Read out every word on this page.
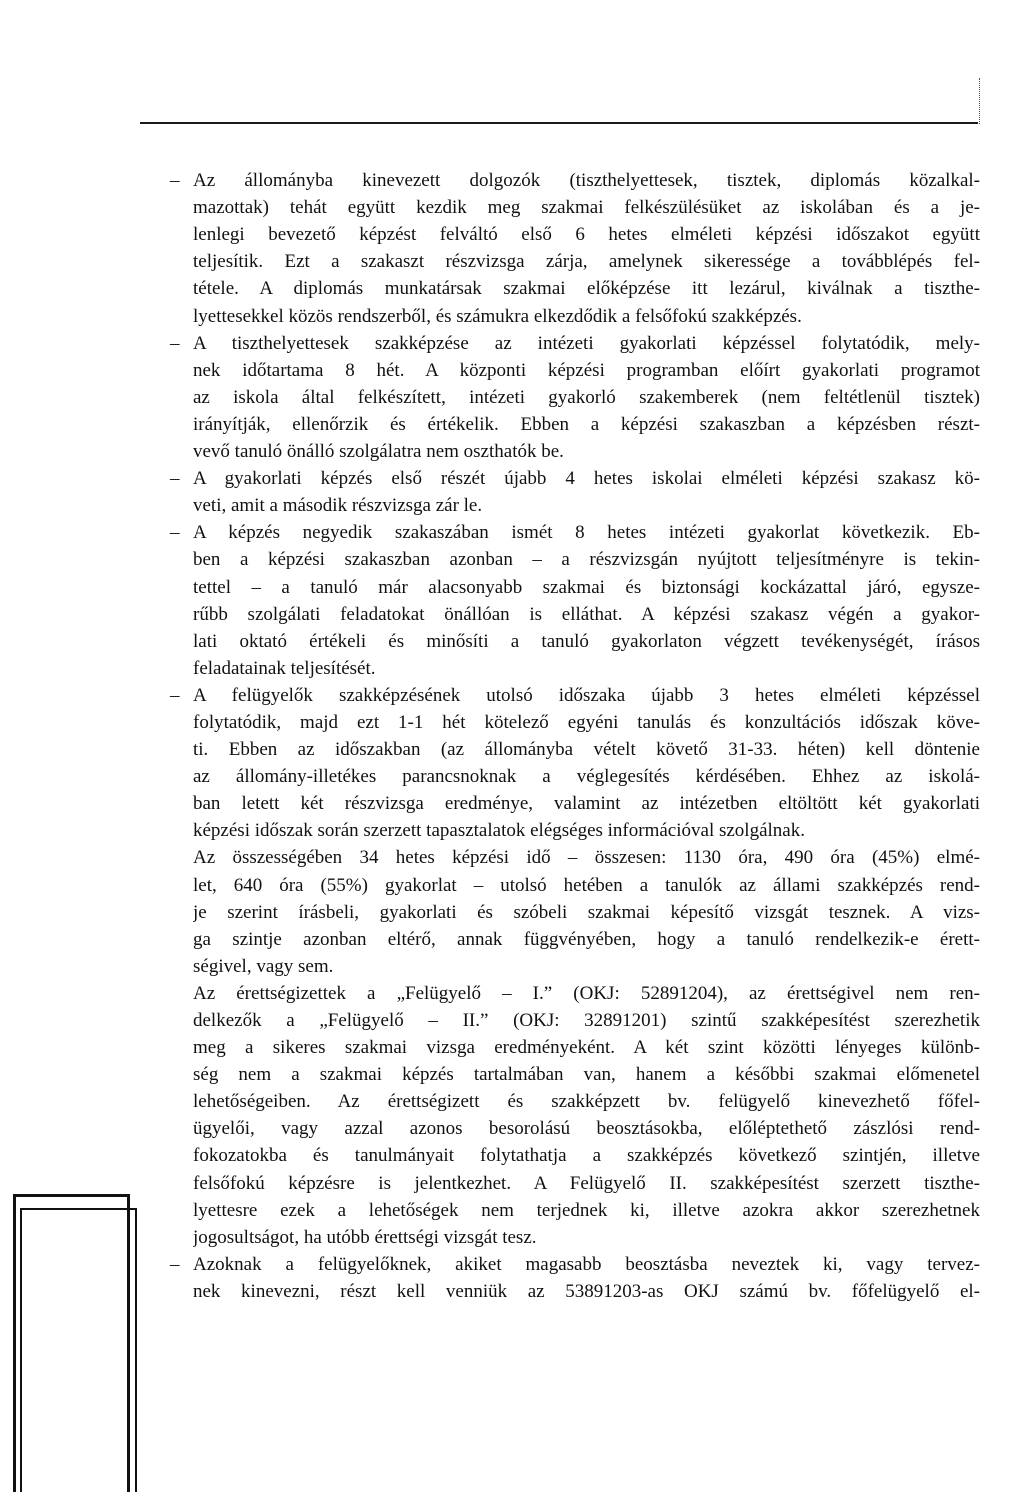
– Az állományba kinevezett dolgozók (tiszthelyettesek, tisztek, diplomás közalkal-
mazottak) tehát együtt kezdik meg szakmai felkészülésüket az iskolában és a je-
lenlegi bevezető képzést felváltó első 6 hetes elméleti képzési időszakot együtt
teljesítik. Ezt a szakaszt részvizsga zárja, amelynek sikeressége a továbblépés fel-
tétele. A diplomás munkatársak szakmai előképzése itt lezárul, kiválnak a tiszthe-
lyettesekkel közös rendszerből, és számukra elkezdődik a felsőfokú szakképzés.
– A tiszthelyettesek szakképzése az intézeti gyakorlati képzéssel folytatódik, mely-
nek időtartama 8 hét. A központi képzési programban előírt gyakorlati programot
az iskola által felkészített, intézeti gyakorló szakemberek (nem feltétlenül tisztek)
irányítják, ellenőrzik és értékelik. Ebben a képzési szakaszban a képzésben részt-
vevő tanuló önálló szolgálatra nem oszthatók be.
– A gyakorlati képzés első részét újabb 4 hetes iskolai elméleti képzési szakasz kö-
veti, amit a második részvizsga zár le.
– A képzés negyedik szakaszában ismét 8 hetes intézeti gyakorlat következik. Eb-
ben a képzési szakaszban azonban – a részvizsgán nyújtott teljesítményre is tekin-
tettel – a tanuló már alacsonyabb szakmai és biztonsági kockázattal járó, egysze-
rűbb szolgálati feladatokat önállóan is elláthat. A képzési szakasz végén a gyakor-
lati oktató értékeli és minősíti a tanuló gyakorlaton végzett tevékenységét, írásos
feladatainak teljesítését.
– A felügyelők szakképzésének utolsó időszaka újabb 3 hetes elméleti képzéssel
folytatódik, majd ezt 1-1 hét kötelező egyéni tanulás és konzultációs időszak köve-
ti. Ebben az időszakban (az állományba vételt követő 31-33. héten) kell döntenie
az állomány-illetékes parancsnoknak a véglegesítés kérdésében. Ehhez az iskolá-
ban letett két részvizsga eredménye, valamint az intézetben eltöltött két gyakorlati
képzési időszak során szerzett tapasztalatok elégséges információval szolgálnak.
Az összességében 34 hetes képzési idő – összesen: 1130 óra, 490 óra (45%) elmé-
let, 640 óra (55%) gyakorlat – utolsó hetében a tanulók az állami szakképzés rend-
je szerint írásbeli, gyakorlati és szóbeli szakmai képesítő vizsgát tesznek. A vizs-
ga szintje azonban eltérő, annak függvényében, hogy a tanuló rendelkezik-e érett-
ségivel, vagy sem.
Az érettségizettek a „Felügyelő – I.” (OKJ: 52891204), az érettségivel nem ren-
delkezők a „Felügyelő – II.” (OKJ: 32891201) szintű szakképesítést szerezhetik
meg a sikeres szakmai vizsga eredményeként. A két szint közötti lényeges különb-
ség nem a szakmai képzés tartalmában van, hanem a későbbi szakmai előmenetel
lehetőségeiben. Az érettségizett és szakképzett bv. felügyelő kinevezhető főfel-
ügyelői, vagy azzal azonos besorolású beosztásokba, előléptethető zászlósi rend-
fokozatokba és tanulmányait folytathatja a szakképzés következő szintjén, illetve
felsőfokú képzésre is jelentkezhet. A Felügyelő II. szakképesítést szerzett tiszthe-
lyettesre ezek a lehetőségek nem terjednek ki, illetve azokra akkor szerezhetnek
jogosultságot, ha utóbb érettségi vizsgát tesz.
– Azoknak a felügyelőknek, akiket magasabb beosztásba neveztek ki, vagy tervez-
nek kinevezni, részt kell venniük az 53891203-as OKJ számú bv. főfelügyelő el-
